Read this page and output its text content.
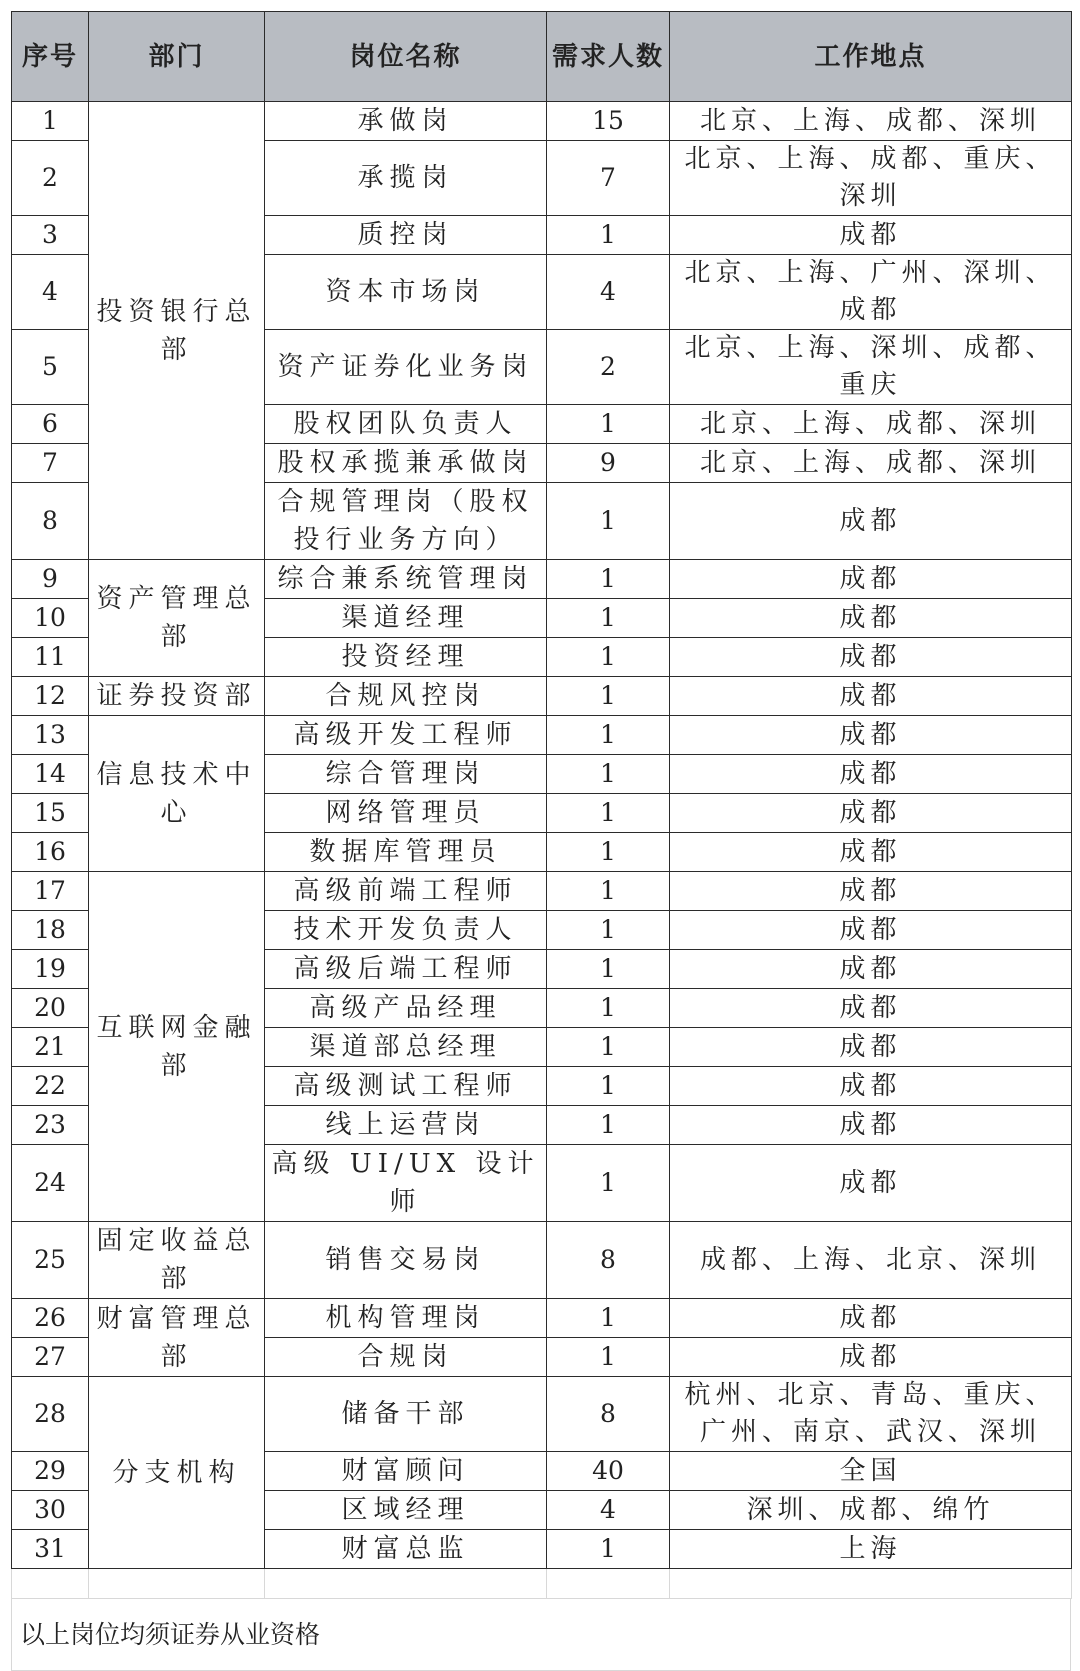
序号	部门	岗位名称	需求人数	工作地点
1	投资银行总部	承做岗	15	北京、上海、成都、深圳
2		承揽岗	7	北京、上海、成都、重庆、深圳
3		质控岗	1	成都
4		资本市场岗	4	北京、上海、广州、深圳、成都
5		资产证券化业务岗	2	北京、上海、深圳、成都、重庆
6		股权团队负责人	1	北京、上海、成都、深圳
7		股权承揽兼承做岗	9	北京、上海、成都、深圳
8		合规管理岗（股权投行业务方向）	1	成都
9	资产管理总部	综合兼系统管理岗	1	成都
10		渠道经理	1	成都
11		投资经理	1	成都
12	证券投资部	合规风控岗	1	成都
13	信息技术中心	高级开发工程师	1	成都
14		综合管理岗	1	成都
15		网络管理员	1	成都
16		数据库管理员	1	成都
17	互联网金融部	高级前端工程师	1	成都
18		技术开发负责人	1	成都
19		高级后端工程师	1	成都
20		高级产品经理	1	成都
21		渠道部总经理	1	成都
22		高级测试工程师	1	成都
23		线上运营岗	1	成都
24		高级 UI/UX 设计师	1	成都
25	固定收益总部	销售交易岗	8	成都、上海、北京、深圳
26	财富管理总部	机构管理岗	1	成都
27		合规岗	1	成都
28	分支机构	储备干部	8	杭州、北京、青岛、重庆、广州、南京、武汉、深圳
29		财富顾问	40	全国
30		区域经理	4	深圳、成都、绵竹
31		财富总监	1	上海

以上岗位均须证券从业资格
